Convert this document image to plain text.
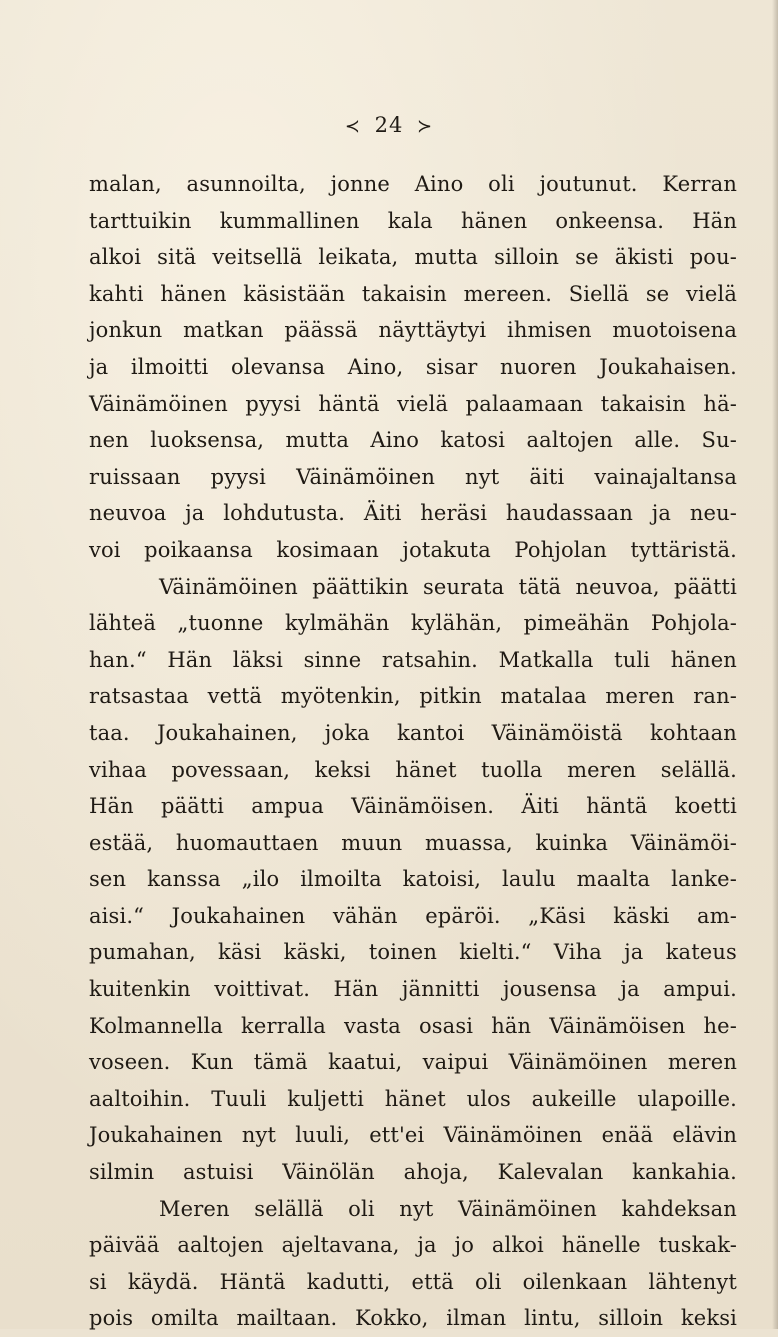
≺ 24 ≻
malan, asunnoilta, jonne Aino oli joutunut. Kerran
tarttuikin kummallinen kala hänen onkeensa. Hän
alkoi sitä veitsellä leikata, mutta silloin se äkisti pou-
kahti hänen käsistään takaisin mereen. Siellä se vielä
jonkun matkan päässä näyttäytyi ihmisen muotoisena
ja ilmoitti olevansa Aino, sisar nuoren Joukahaisen.
Väinämöinen pyysi häntä vielä palaamaan takaisin hä-
nen luoksensa, mutta Aino katosi aaltojen alle. Su-
ruissaan pyysi Väinämöinen nyt äiti vainajaltansa
neuvoa ja lohdutusta. Äiti heräsi haudassaan ja neu-
voi poikaansa kosimaan jotakuta Pohjolan tyttäristä.
Väinämöinen päättikin seurata tätä neuvoa, päätti
lähteä „tuonne kylmähän kylähän, pimeähän Pohjola-
han.“ Hän läksi sinne ratsahin. Matkalla tuli hänen
ratsastaa vettä myötenkin, pitkin matalaa meren ran-
taa. Joukahainen, joka kantoi Väinämöistä kohtaan
vihaa povessaan, keksi hänet tuolla meren selällä.
Hän päätti ampua Väinämöisen. Äiti häntä koetti
estää, huomauttaen muun muassa, kuinka Väinämöi-
sen kanssa „ilo ilmoilta katoisi, laulu maalta lanke-
aisi.“ Joukahainen vähän epäröi. „Käsi käski am-
pumahan, käsi käski, toinen kielti.“ Viha ja kateus
kuitenkin voittivat. Hän jännitti jousensa ja ampui.
Kolmannella kerralla vasta osasi hän Väinämöisen he-
voseen. Kun tämä kaatui, vaipui Väinämöinen meren
aaltoihin. Tuuli kuljetti hänet ulos aukeille ulapoille.
Joukahainen nyt luuli, ett'ei Väinämöinen enää elävin
silmin astuisi Väinölän ahoja, Kalevalan kankahia.
Meren selällä oli nyt Väinämöinen kahdeksan
päivää aaltojen ajeltavana, ja jo alkoi hänelle tuskak-
si käydä. Häntä kadutti, että oli oilenkaan lähtenyt
pois omilta mailtaan. Kokko, ilman lintu, silloin keksi
